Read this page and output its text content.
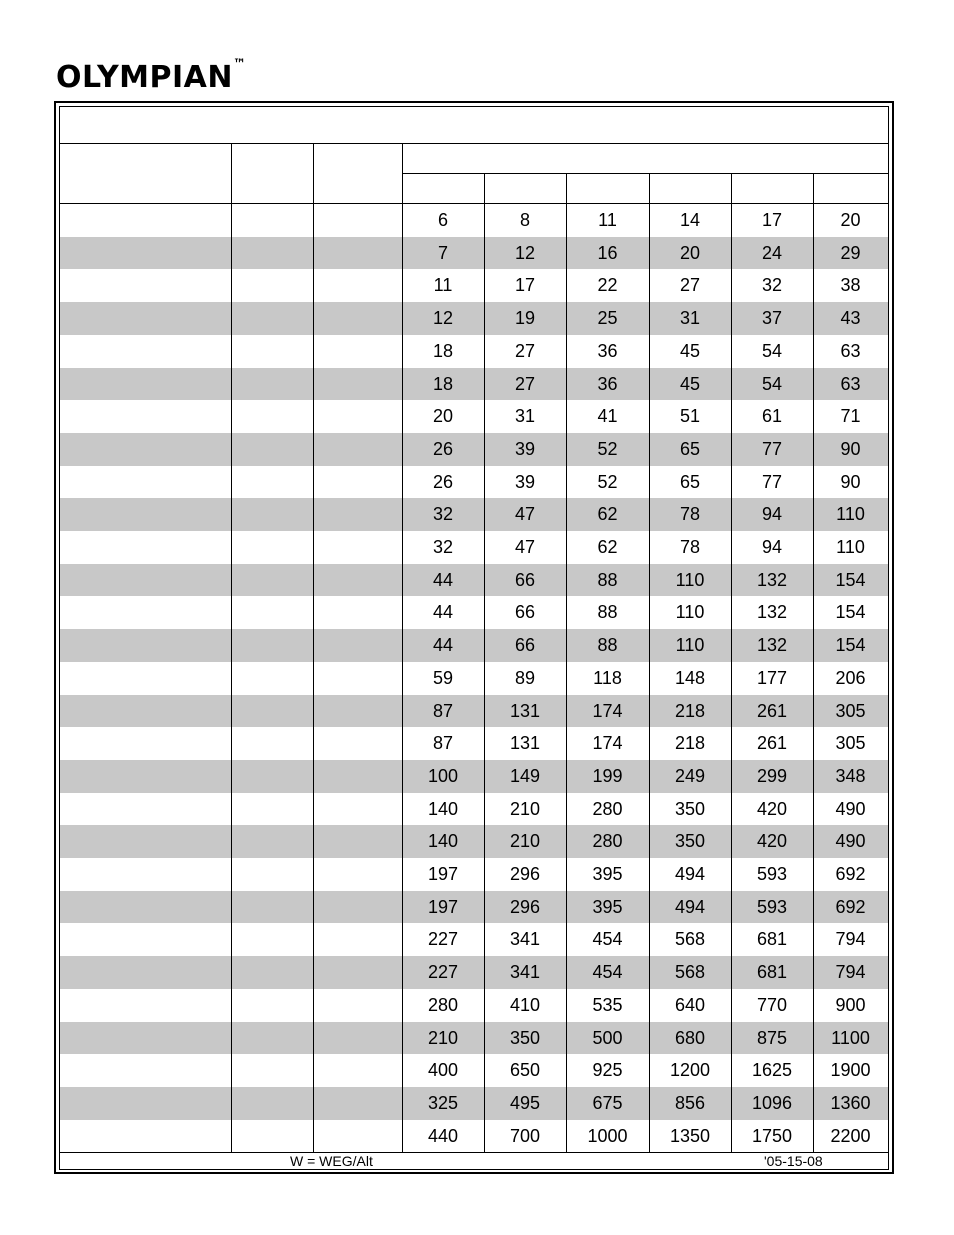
OLYMPIAN™
6	8	11	14	17	20
7	12	16	20	24	29
11	17	22	27	32	38
12	19	25	31	37	43
18	27	36	45	54	63
18	27	36	45	54	63
20	31	41	51	61	71
26	39	52	65	77	90
26	39	52	65	77	90
32	47	62	78	94	110
32	47	62	78	94	110
44	66	88	110	132	154
44	66	88	110	132	154
44	66	88	110	132	154
59	89	118	148	177	206
87	131	174	218	261	305
87	131	174	218	261	305
100	149	199	249	299	348
140	210	280	350	420	490
140	210	280	350	420	490
197	296	395	494	593	692
197	296	395	494	593	692
227	341	454	568	681	794
227	341	454	568	681	794
280	410	535	640	770	900
210	350	500	680	875	1100
400	650	925	1200	1625	1900
325	495	675	856	1096	1360
440	700	1000	1350	1750	2200
W = WEG/Alt	'05-15-08
